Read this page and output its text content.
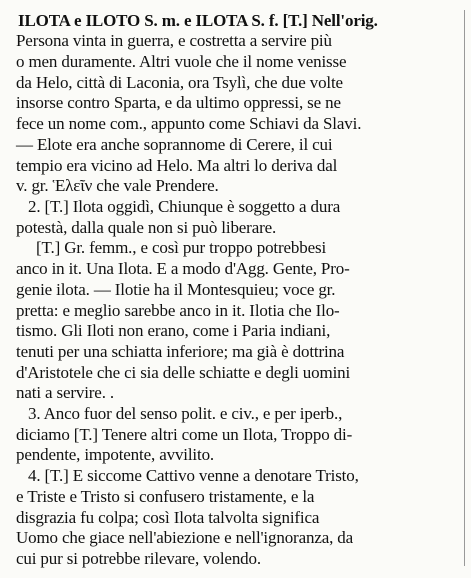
ILOTA e ILOTO S. m. e ILOTA S. f. [T.] Nell'orig.
Persona vinta in guerra, e costretta a servire più
o men duramente. Altri vuole che il nome venisse
da Helo, città di Laconia, ora Tsylì, che due volte
insorse contro Sparta, e da ultimo oppressi, se ne
fece un nome com., appunto come Schiavi da Slavi.
— Elote era anche soprannome di Cerere, il cui
tempio era vicino ad Helo. Ma altri lo deriva dal
v. gr. Ἑλεῖν che vale Prendere.
2. [T.] Ilota oggidì, Chiunque è soggetto a dura
potestà, dalla quale non si può liberare.
[T.] Gr. femm., e così pur troppo potrebbesi
anco in it. Una Ilota. E a modo d'Agg. Gente, Pro-
genie ilota. — Ilotie ha il Montesquieu; voce gr.
pretta: e meglio sarebbe anco in it. Ilotia che Ilo-
tismo. Gli Iloti non erano, come i Paria indiani,
tenuti per una schiatta inferiore; ma già è dottrina
d'Aristotele che ci sia delle schiatte e degli uomini
nati a servire. .
3. Anco fuor del senso polit. e civ., e per iperb.,
diciamo [T.] Tenere altri come un Ilota, Troppo di-
pendente, impotente, avvilito.
4. [T.] E siccome Cattivo venne a denotare Tristo,
e Triste e Tristo si confusero tristamente, e la
disgrazia fu colpa; così Ilota talvolta significa
Uomo che giace nell'abiezione e nell'ignoranza, da
cui pur si potrebbe rilevare, volendo.
